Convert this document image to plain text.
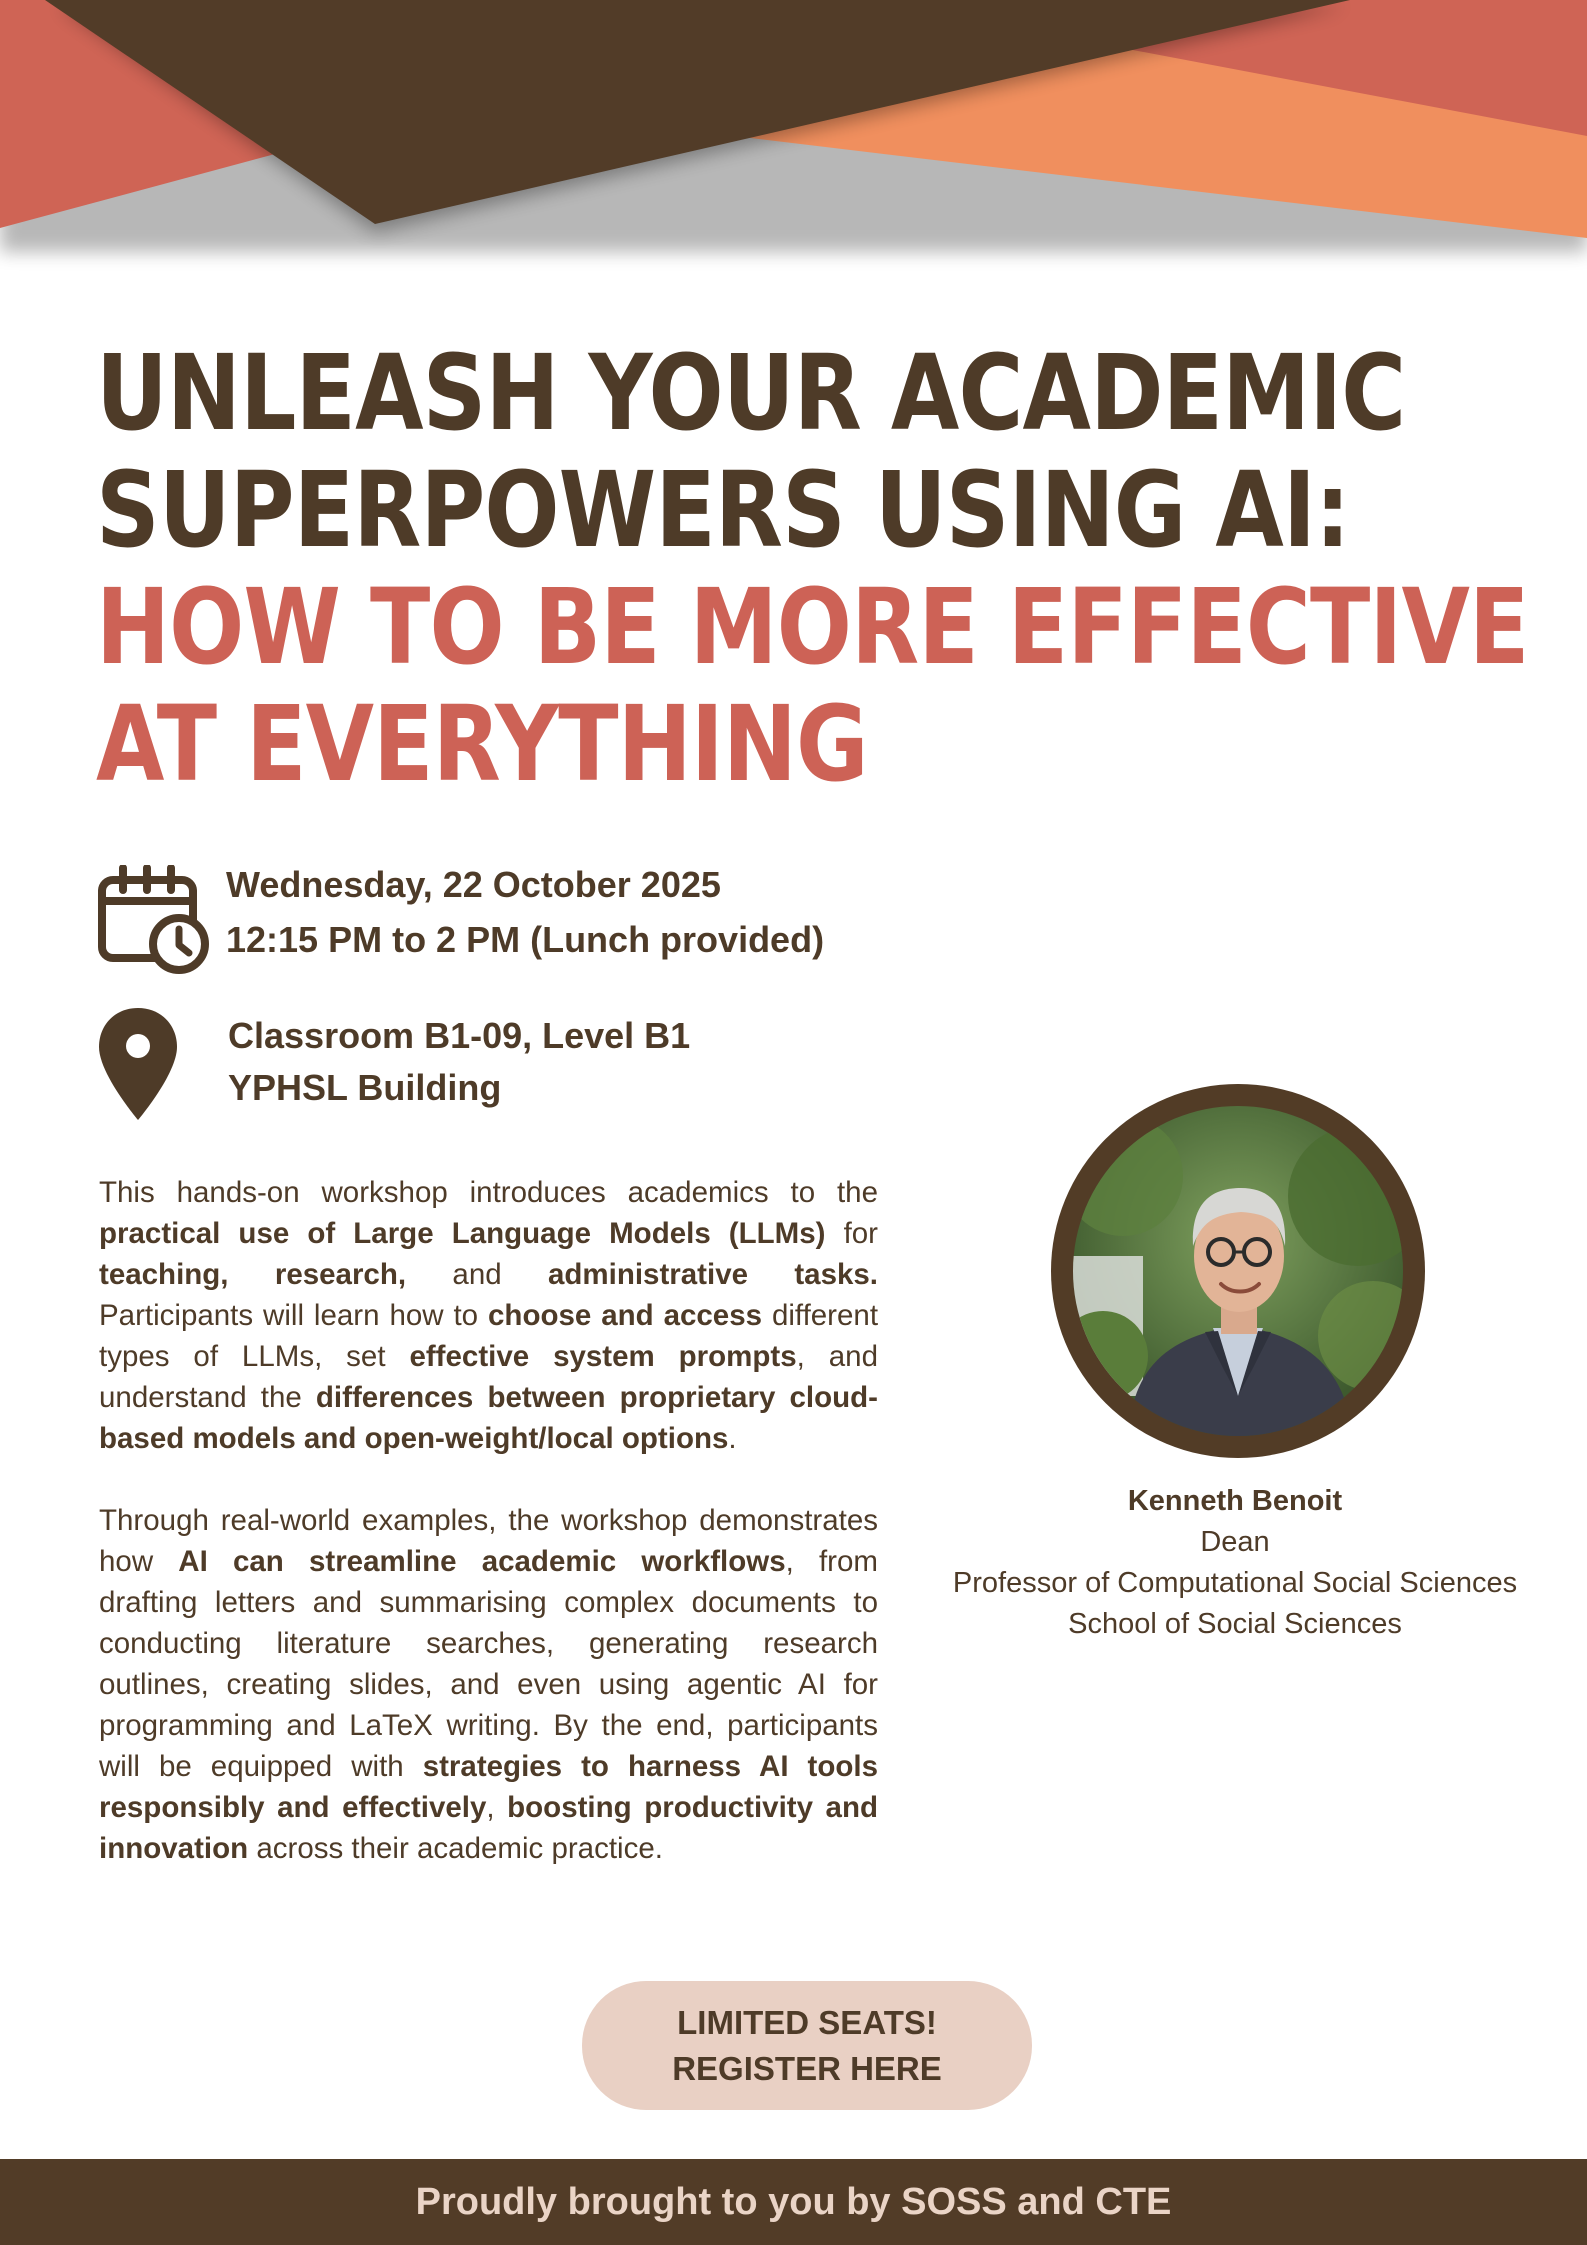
UNLEASH YOUR ACADEMIC
SUPERPOWERS USING AI:
HOW TO BE MORE EFFECTIVE
AT EVERYTHING
Wednesday, 22 October 2025
12:15 PM to 2 PM (Lunch provided)
Classroom B1-09, Level B1
YPHSL Building

This hands-on workshop introduces academics to the practical use of Large Language Models (LLMs) for teaching, research, and administrative tasks. Participants will learn how to choose and access different types of LLMs, set effective system prompts, and understand the differences between proprietary cloud-based models and open-weight/local options.

Through real-world examples, the workshop demonstrates how AI can streamline academic workflows, from drafting letters and summarising complex documents to conducting literature searches, generating research outlines, creating slides, and even using agentic AI for programming and LaTeX writing. By the end, participants will be equipped with strategies to harness AI tools responsibly and effectively, boosting productivity and innovation across their academic practice.

Kenneth Benoit
Dean
Professor of Computational Social Sciences
School of Social Sciences
LIMITED SEATS!
REGISTER HERE
Proudly brought to you by SOSS and CTE
